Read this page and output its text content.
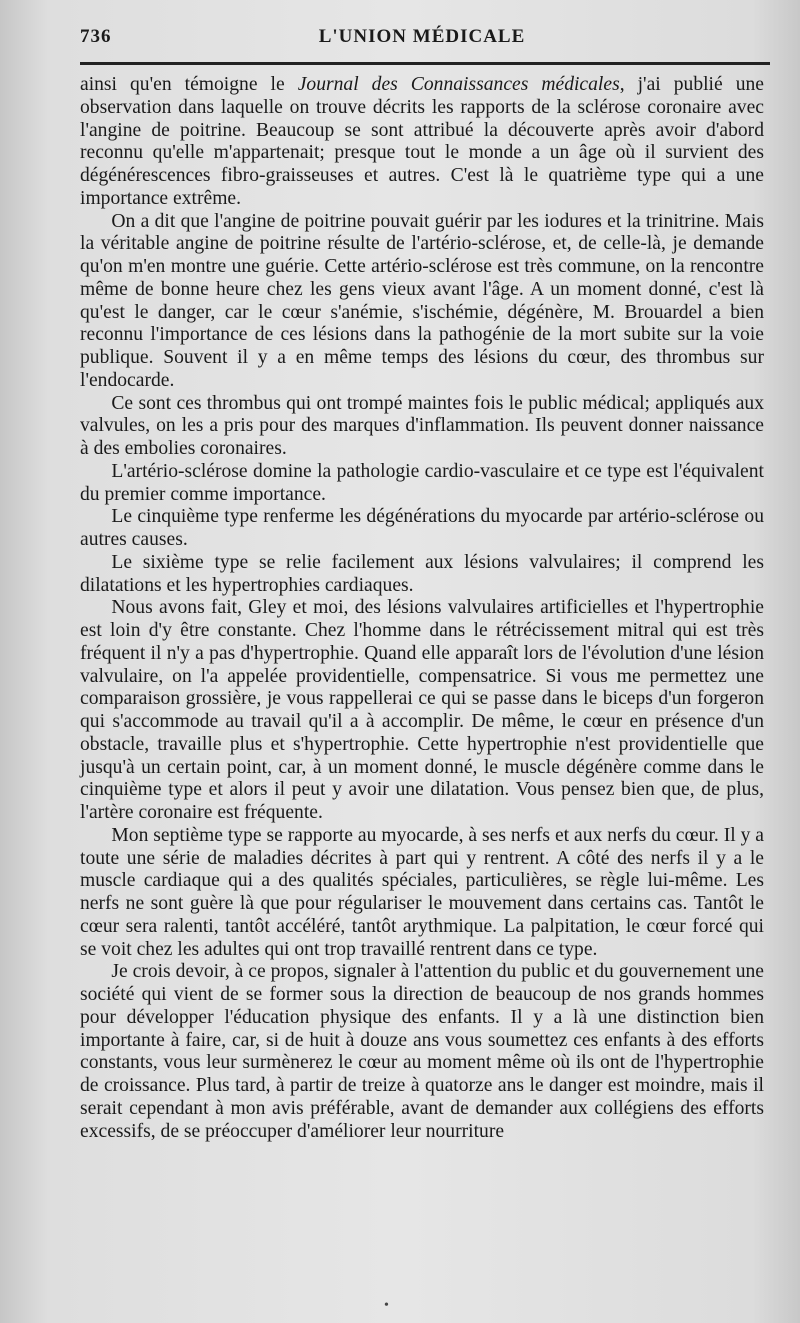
736	L'UNION MÉDICALE

ainsi qu'en témoigne le Journal des Connaissances médicales, j'ai publié une observation dans laquelle on trouve décrits les rapports de la sclérose coronaire avec l'angine de poitrine. Beaucoup se sont attribué la découverte après avoir d'abord reconnu qu'elle m'appartenait; presque tout le monde a un âge où il survient des dégénérescences fibro-graisseuses et autres. C'est là le quatrième type qui a une importance extrême.

On a dit que l'angine de poitrine pouvait guérir par les iodures et la trinitrine. Mais la véritable angine de poitrine résulte de l'artério-sclérose, et, de celle-là, je demande qu'on m'en montre une guérie. Cette artério-sclérose est très commune, on la rencontre même de bonne heure chez les gens vieux avant l'âge. A un moment donné, c'est là qu'est le danger, car le cœur s'anémie, s'ischémie, dégénère, M. Brouardel a bien reconnu l'importance de ces lésions dans la pathogénie de la mort subite sur la voie publique. Souvent il y a en même temps des lésions du cœur, des thrombus sur l'endocarde.

Ce sont ces thrombus qui ont trompé maintes fois le public médical; appliqués aux valvules, on les a pris pour des marques d'inflammation. Ils peuvent donner naissance à des embolies coronaires.

L'artério-sclérose domine la pathologie cardio-vasculaire et ce type est l'équivalent du premier comme importance.

Le cinquième type renferme les dégénérations du myocarde par artério-sclérose ou autres causes.

Le sixième type se relie facilement aux lésions valvulaires; il comprend les dilatations et les hypertrophies cardiaques.

Nous avons fait, Gley et moi, des lésions valvulaires artificielles et l'hypertrophie est loin d'y être constante. Chez l'homme dans le rétrécissement mitral qui est très fréquent il n'y a pas d'hypertrophie. Quand elle apparaît lors de l'évolution d'une lésion valvulaire, on l'a appelée providentielle, compensatrice. Si vous me permettez une comparaison grossière, je vous rappellerai ce qui se passe dans le biceps d'un forgeron qui s'accommode au travail qu'il a à accomplir. De même, le cœur en présence d'un obstacle, travaille plus et s'hypertrophie. Cette hypertrophie n'est providentielle que jusqu'à un certain point, car, à un moment donné, le muscle dégénère comme dans le cinquième type et alors il peut y avoir une dilatation. Vous pensez bien que, de plus, l'artère coronaire est fréquente.

Mon septième type se rapporte au myocarde, à ses nerfs et aux nerfs du cœur. Il y a toute une série de maladies décrites à part qui y rentrent. A côté des nerfs il y a le muscle cardiaque qui a des qualités spéciales, particulières, se règle lui-même. Les nerfs ne sont guère là que pour régulariser le mouvement dans certains cas. Tantôt le cœur sera ralenti, tantôt accéléré, tantôt arythmique. La palpitation, le cœur forcé qui se voit chez les adultes qui ont trop travaillé rentrent dans ce type.

Je crois devoir, à ce propos, signaler à l'attention du public et du gouvernement une société qui vient de se former sous la direction de beaucoup de nos grands hommes pour développer l'éducation physique des enfants. Il y a là une distinction bien importante à faire, car, si de huit à douze ans vous soumettez ces enfants à des efforts constants, vous leur surmènerez le cœur au moment même où ils ont de l'hypertrophie de croissance. Plus tard, à partir de treize à quatorze ans le danger est moindre, mais il serait cependant à mon avis préférable, avant de demander aux collégiens des efforts excessifs, de se préoccuper d'améliorer leur nourriture

•
